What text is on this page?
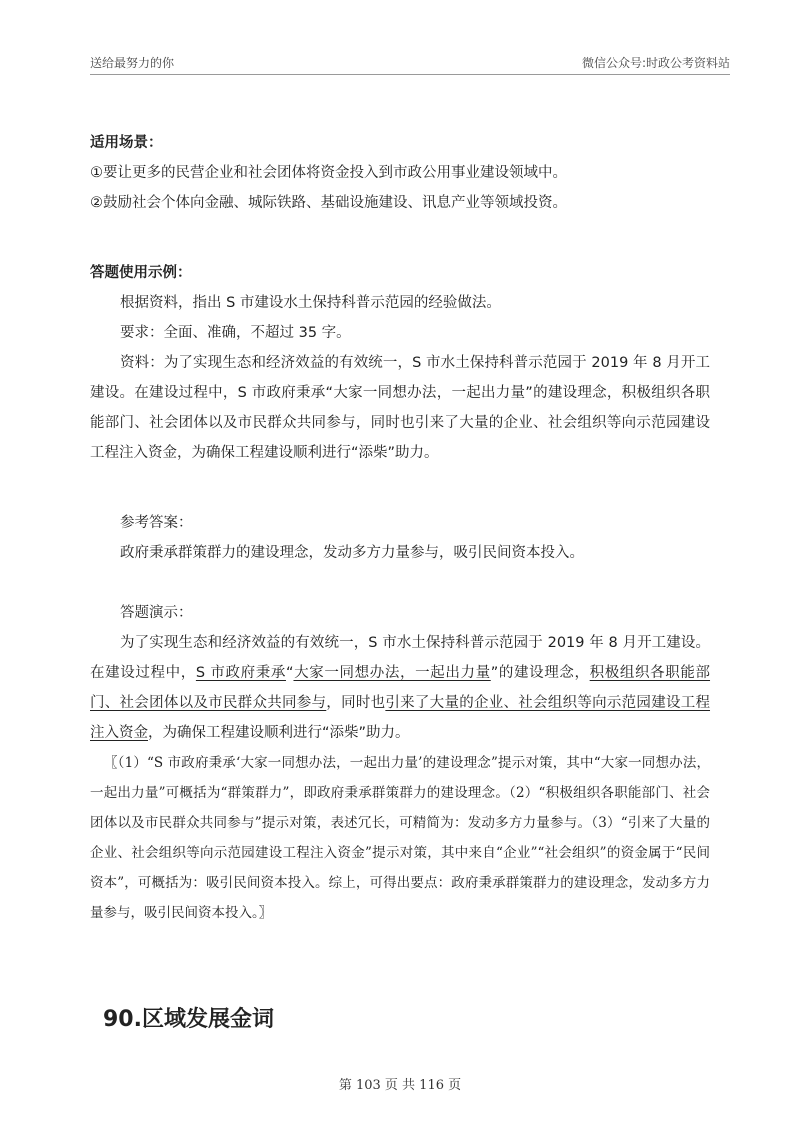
送给最努力的你	微信公众号:时政公考资料站
适用场景：
①要让更多的民营企业和社会团体将资金投入到市政公用事业建设领域中。
②鼓励社会个体向金融、城际铁路、基础设施建设、讯息产业等领域投资。
答题使用示例：
根据资料，指出 S 市建设水土保持科普示范园的经验做法。
要求：全面、准确，不超过 35 字。
资料：为了实现生态和经济效益的有效统一，S 市水土保持科普示范园于 2019 年 8 月开工建设。在建设过程中，S 市政府秉承“大家一同想办法，一起出力量”的建设理念，积极组织各职能部门、社会团体以及市民群众共同参与，同时也引来了大量的企业、社会组织等向示范园建设工程注入资金，为确保工程建设顺利进行“添柴”助力。
参考答案：
政府秉承群策群力的建设理念，发动多方力量参与，吸引民间资本投入。
答题演示：
为了实现生态和经济效益的有效统一，S 市水土保持科普示范园于 2019 年 8 月开工建设。在建设过程中，S 市政府秉承“大家一同想办法，一起出力量”的建设理念，积极组织各职能部门、社会团体以及市民群众共同参与，同时也引来了大量的企业、社会组织等向示范园建设工程注入资金，为确保工程建设顺利进行“添柴”助力。
〖（1）“S 市政府秉承‘大家一同想办法，一起出力量’的建设理念”提示对策，其中“大家一同想办法，一起出力量”可概括为“群策群力”，即政府秉承群策群力的建设理念。（2）“积极组织各职能部门、社会团体以及市民群众共同参与”提示对策，表述冗长，可精简为：发动多方力量参与。（3）“引来了大量的企业、社会组织等向示范园建设工程注入资金”提示对策，其中来自“企业”“社会组织”的资金属于“民间资本”，可概括为：吸引民间资本投入。综上，可得出要点：政府秉承群策群力的建设理念，发动多方力量参与，吸引民间资本投入。〗
90.区域发展金词
第 103 页 共 116 页
